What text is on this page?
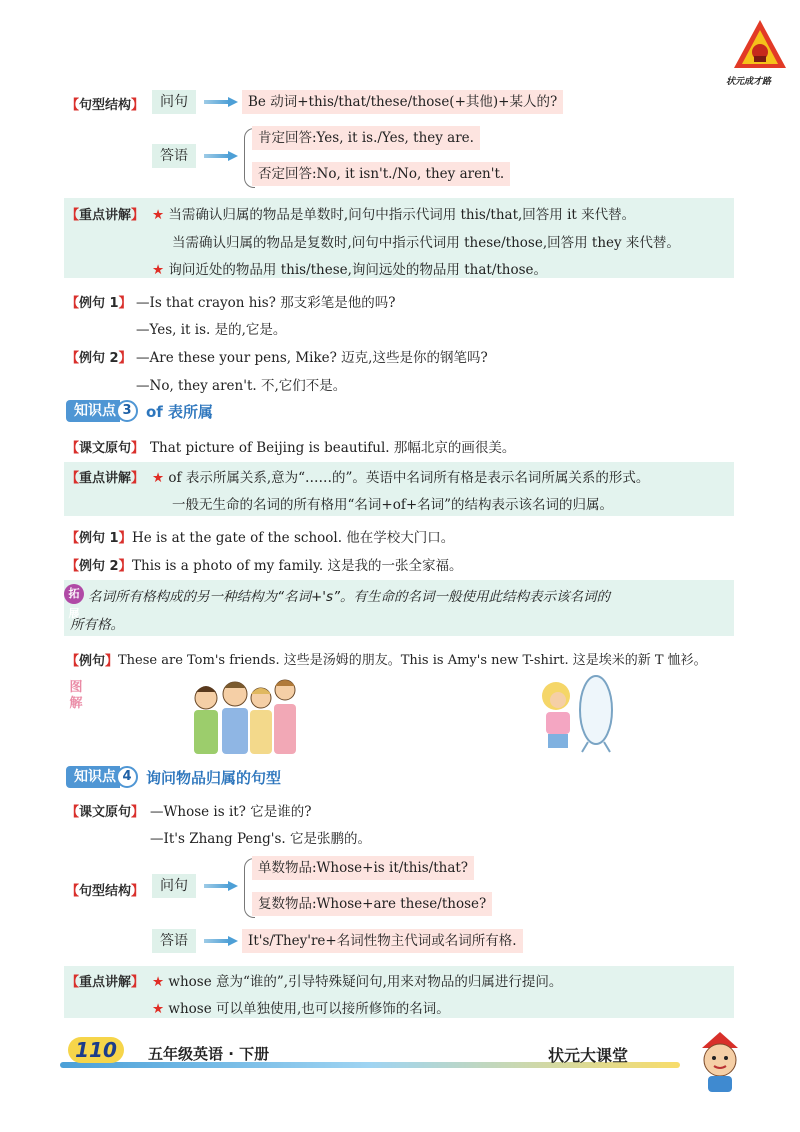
状元成才路
【句型结构】	问句	Be 动词+this/that/these/those(+其他)+某人的?
答语
肯定回答:Yes, it is./Yes, they are.
否定回答:No, it isn't./No, they aren't.
【重点讲解】 ★ 当需确认归属的物品是单数时,问句中指示代词用 this/that,回答用 it 来代替。
当需确认归属的物品是复数时,问句中指示代词用 these/those,回答用 they 来代替。
★ 询问近处的物品用 this/these,询问远处的物品用 that/those。
【例句 1】 —Is that crayon his? 那支彩笔是他的吗?
—Yes, it is. 是的,它是。
【例句 2】 —Are these your pens, Mike? 迈克,这些是你的钢笔吗?
—No, they aren't. 不,它们不是。
知识点 3 of 表所属
【课文原句】 That picture of Beijing is beautiful. 那幅北京的画很美。
【重点讲解】 ★ of 表示所属关系,意为“……的”。英语中名词所有格是表示名词所属关系的形式。
一般无生命的名词的所有格用“名词+of+名词”的结构表示该名词的归属。
【例句 1】 He is at the gate of the school. 他在学校大门口。
【例句 2】 This is a photo of my family. 这是我的一张全家福。
拓展
名词所有格构成的另一种结构为“名词+'s”。有生命的名词一般使用此结构表示该名词的
所有格。
【例句】 These are Tom's friends. 这些是汤姆的朋友。This is Amy's new T-shirt. 这是埃米的新 T 恤衫。
图解
知识点 4 询问物品归属的句型
【课文原句】 —Whose is it? 它是谁的?
—It's Zhang Peng's. 它是张鹏的。
【句型结构】	问句
单数物品:Whose+is it/this/that?
复数物品:Whose+are these/those?
答语	It's/They're+名词性物主代词或名词所有格.
【重点讲解】 ★ whose 意为“谁的”,引导特殊疑问句,用来对物品的归属进行提问。
★ whose 可以单独使用,也可以接所修饰的名词。
110	五年级英语 · 下册	状元大课堂
